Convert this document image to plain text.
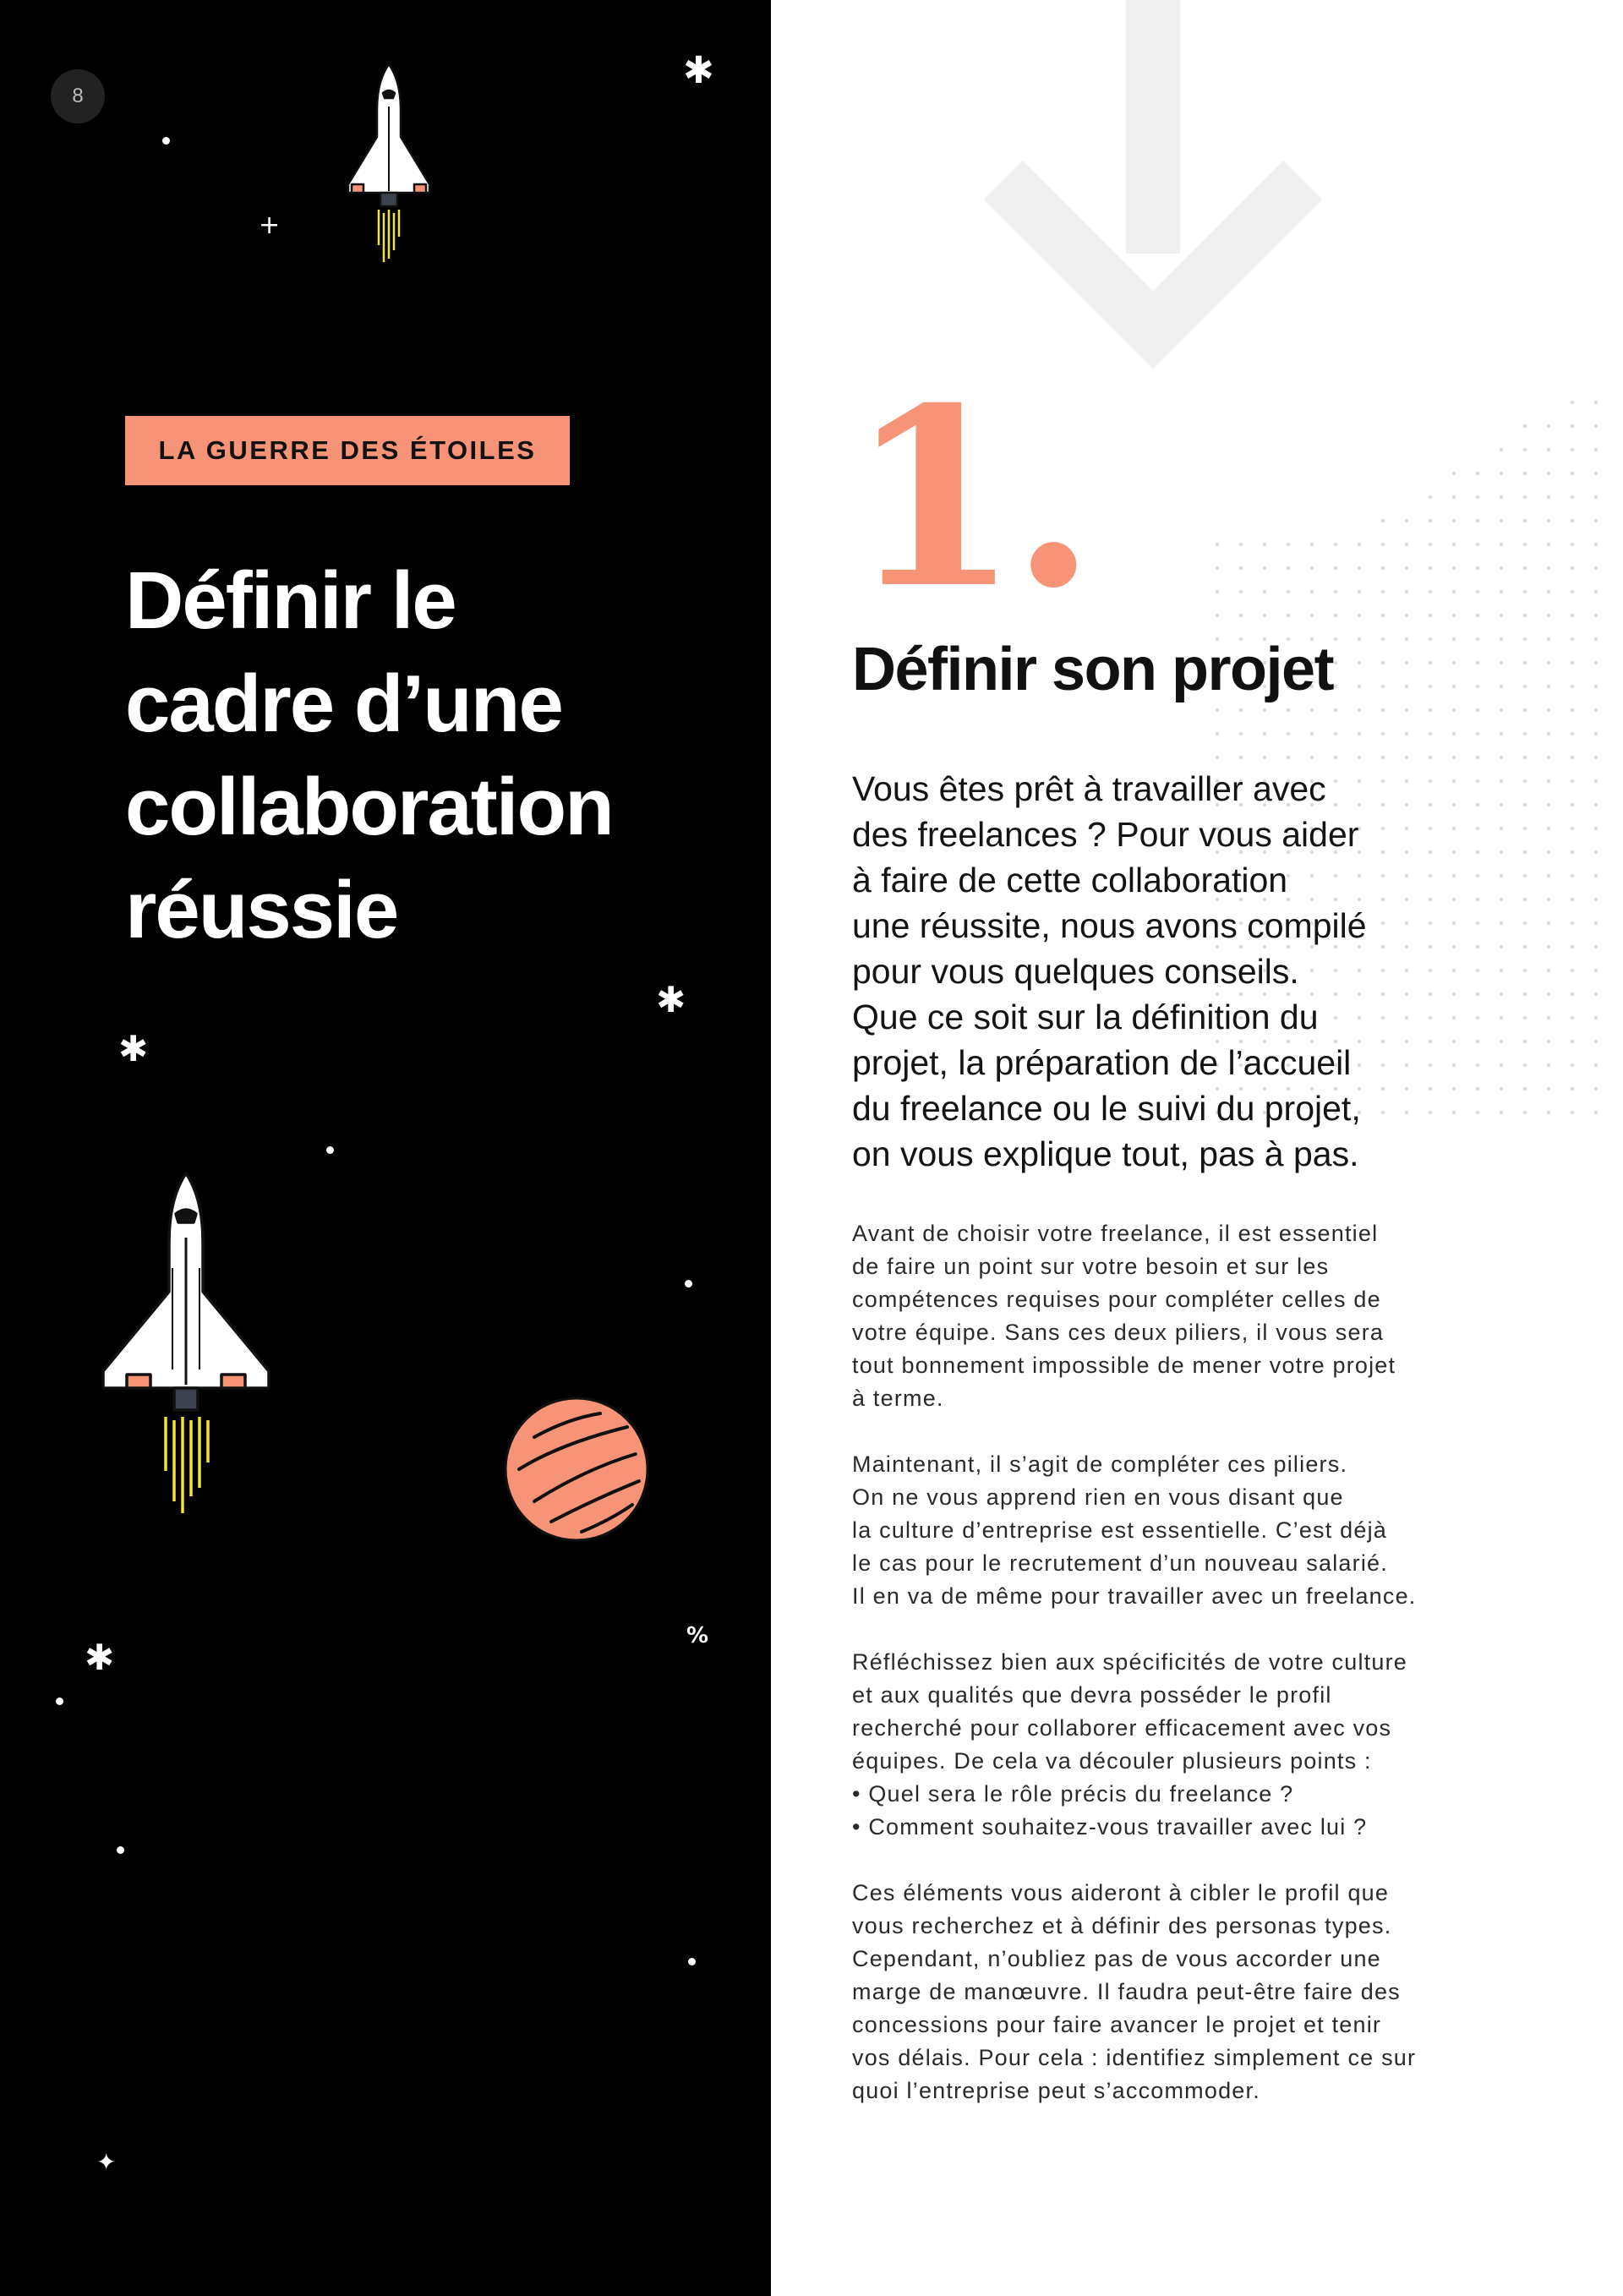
8
✱
+
LA GUERRE DES ÉTOILES
Définir le
cadre d’une
collaboration
réussie
✱
✱
%
✱
✦
1.
Définir son projet
Vous êtes prêt à travailler avec
des freelances ? Pour vous aider
à faire de cette collaboration
une réussite, nous avons compilé
pour vous quelques conseils.
Que ce soit sur la définition du
projet, la préparation de l’accueil
du freelance ou le suivi du projet,
on vous explique tout, pas à pas.

Avant de choisir votre freelance, il est essentiel
de faire un point sur votre besoin et sur les
compétences requises pour compléter celles de
votre équipe. Sans ces deux piliers, il vous sera
tout bonnement impossible de mener votre projet
à terme.

Maintenant, il s’agit de compléter ces piliers.
On ne vous apprend rien en vous disant que
la culture d’entreprise est essentielle. C’est déjà
le cas pour le recrutement d’un nouveau salarié.
Il en va de même pour travailler avec un freelance.

Réfléchissez bien aux spécificités de votre culture
et aux qualités que devra posséder le profil
recherché pour collaborer efficacement avec vos
équipes. De cela va découler plusieurs points :
• Quel sera le rôle précis du freelance ?
• Comment souhaitez-vous travailler avec lui ?

Ces éléments vous aideront à cibler le profil que
vous recherchez et à définir des personas types.
Cependant, n’oubliez pas de vous accorder une
marge de manœuvre. Il faudra peut-être faire des
concessions pour faire avancer le projet et tenir
vos délais. Pour cela : identifiez simplement ce sur
quoi l’entreprise peut s’accommoder.
